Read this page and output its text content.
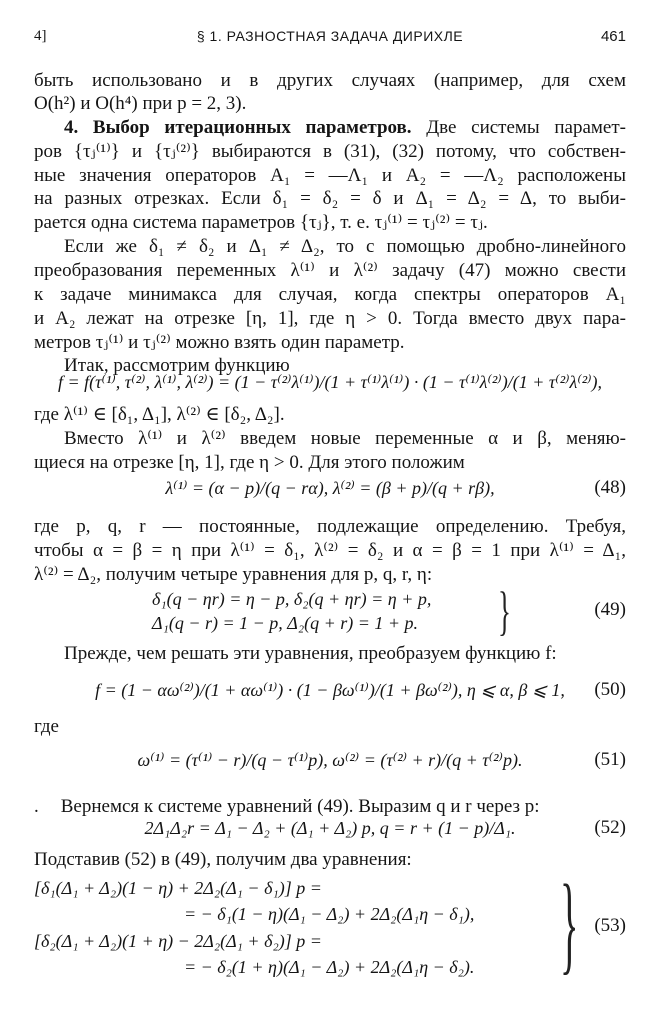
4]	§ 1. РАЗНОСТНАЯ ЗАДАЧА ДИРИХЛЕ	461
быть использовано и в других случаях (например, для схем
O(h²) и O(h⁴) при p = 2, 3).
4. Выбор итерационных параметров. Две системы парамет-
ров {τⱼ⁽¹⁾} и {τⱼ⁽²⁾} выбираются в (31), (32) потому, что собствен-
ные значения операторов A₁ = —Λ₁ и A₂ = —Λ₂ расположены
на разных отрезках. Если δ₁ = δ₂ = δ и Δ₁ = Δ₂ = Δ, то выби-
рается одна система параметров {τⱼ}, т. е. τⱼ⁽¹⁾ = τⱼ⁽²⁾ = τⱼ.
Если же δ₁ ≠ δ₂ и Δ₁ ≠ Δ₂, то с помощью дробно-линейного
преобразования переменных λ⁽¹⁾ и λ⁽²⁾ задачу (47) можно свести
к задаче минимакса для случая, когда спектры операторов A₁
и A₂ лежат на отрезке [η, 1], где η > 0. Тогда вместо двух пара-
метров τⱼ⁽¹⁾ и τⱼ⁽²⁾ можно взять один параметр.
Итак, рассмотрим функцию
f = f(τ⁽¹⁾, τ⁽²⁾, λ⁽¹⁾, λ⁽²⁾) = (1 − τ⁽²⁾λ⁽¹⁾)/(1 + τ⁽¹⁾λ⁽¹⁾) · (1 − τ⁽¹⁾λ⁽²⁾)/(1 + τ⁽²⁾λ⁽²⁾),
где λ⁽¹⁾ ∈ [δ₁, Δ₁], λ⁽²⁾ ∈ [δ₂, Δ₂].
Вместо λ⁽¹⁾ и λ⁽²⁾ введем новые переменные α и β, меняю-
щиеся на отрезке [η, 1], где η > 0. Для этого положим
λ⁽¹⁾ = (α − p)/(q − rα), λ⁽²⁾ = (β + p)/(q + rβ),	(48)
где p, q, r — постоянные, подлежащие определению. Требуя,
чтобы α = β = η при λ⁽¹⁾ = δ₁, λ⁽²⁾ = δ₂ и α = β = 1 при λ⁽¹⁾ = Δ₁,
λ⁽²⁾ = Δ₂, получим четыре уравнения для p, q, r, η:
δ₁(q − ηr) = η − p, δ₂(q + ηr) = η + p,
Δ₁(q − r) = 1 − p, Δ₂(q + r) = 1 + p. }	(49)
Прежде, чем решать эти уравнения, преобразуем функцию f:
f = (1 − αω⁽²⁾)/(1 + αω⁽¹⁾) · (1 − βω⁽¹⁾)/(1 + βω⁽²⁾), η ⩽ α, β ⩽ 1, (50)
где
ω⁽¹⁾ = (τ⁽¹⁾ − r)/(q − τ⁽¹⁾p), ω⁽²⁾ = (τ⁽²⁾ + r)/(q + τ⁽²⁾p).	(51)
. Вернемся к системе уравнений (49). Выразим q и r через p:
2Δ₁Δ₂r = Δ₁ − Δ₂ + (Δ₁ + Δ₂) p, q = r + (1 − p)/Δ₁.	(52)
Подставив (52) в (49), получим два уравнения:
[δ₁(Δ₁ + Δ₂)(1 − η) + 2Δ₂(Δ₁ − δ₁)] p =
= − δ₁(1 − η)(Δ₁ − Δ₂) + 2Δ₂(Δ₁η − δ₁),
[δ₂(Δ₁ + Δ₂)(1 + η) − 2Δ₂(Δ₁ + δ₂)] p =
= − δ₂(1 + η)(Δ₁ − Δ₂) + 2Δ₂(Δ₁η − δ₂). } (53)
